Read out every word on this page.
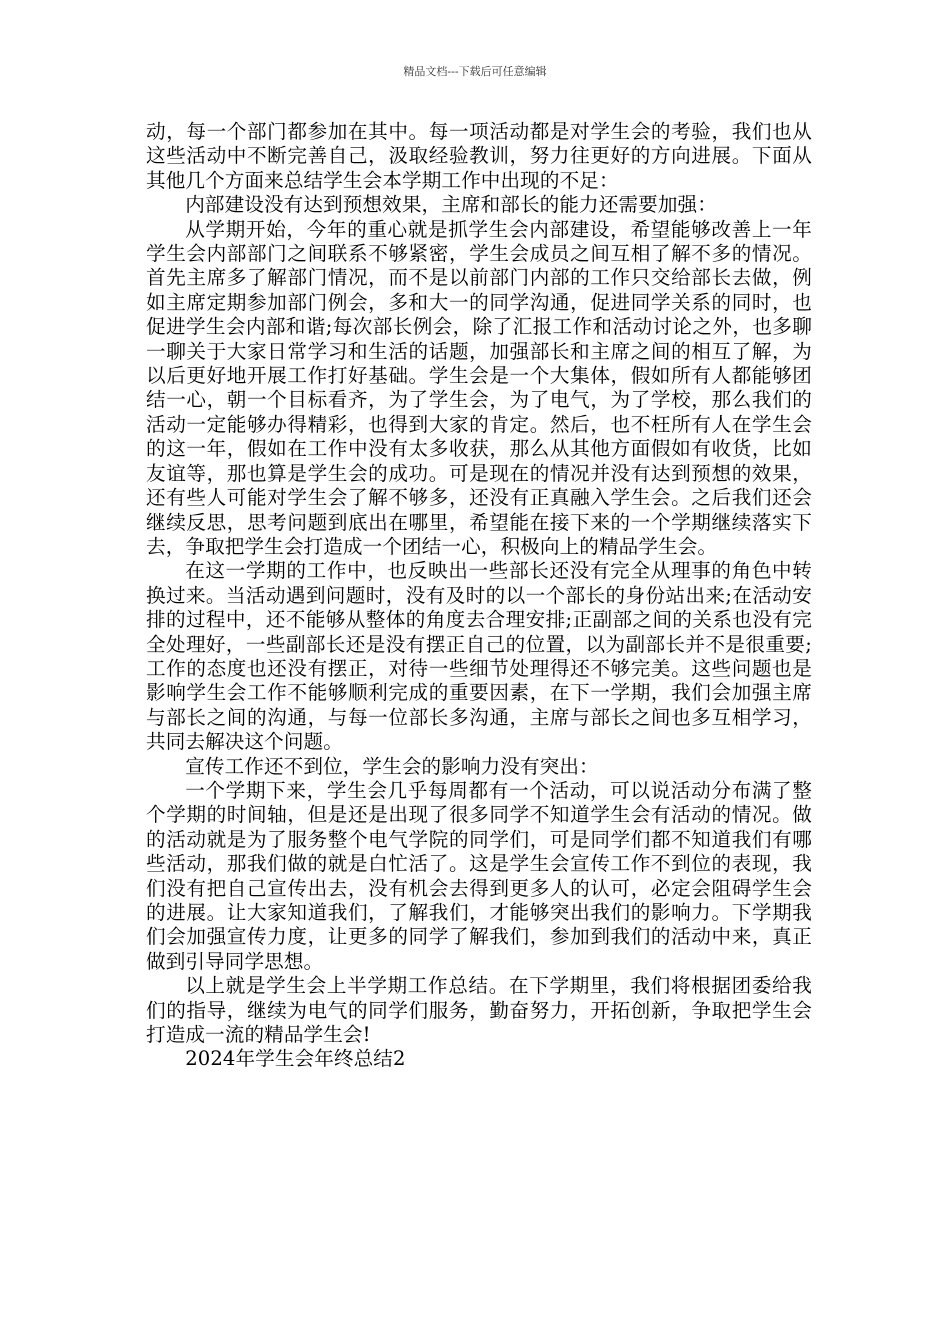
精品文档---下载后可任意编辑

动，每一个部门都参加在其中。每一项活动都是对学生会的考验，我们也从这些活动中不断完善自己，汲取经验教训，努力往更好的方向进展。下面从其他几个方面来总结学生会本学期工作中出现的不足：

内部建设没有达到预想效果，主席和部长的能力还需要加强：

从学期开始，今年的重心就是抓学生会内部建设，希望能够改善上一年学生会内部部门之间联系不够紧密，学生会成员之间互相了解不多的情况。首先主席多了解部门情况，而不是以前部门内部的工作只交给部长去做，例如主席定期参加部门例会，多和大一的同学沟通，促进同学关系的同时，也促进学生会内部和谐;每次部长例会，除了汇报工作和活动讨论之外，也多聊一聊关于大家日常学习和生活的话题，加强部长和主席之间的相互了解，为以后更好地开展工作打好基础。学生会是一个大集体，假如所有人都能够团结一心，朝一个目标看齐，为了学生会，为了电气，为了学校，那么我们的活动一定能够办得精彩，也得到大家的肯定。然后，也不枉所有人在学生会的这一年，假如在工作中没有太多收获，那么从其他方面假如有收货，比如友谊等，那也算是学生会的成功。可是现在的情况并没有达到预想的效果，还有些人可能对学生会了解不够多，还没有正真融入学生会。之后我们还会继续反思，思考问题到底出在哪里，希望能在接下来的一个学期继续落实下去，争取把学生会打造成一个团结一心，积极向上的精品学生会。

在这一学期的工作中，也反映出一些部长还没有完全从理事的角色中转换过来。当活动遇到问题时，没有及时的以一个部长的身份站出来;在活动安排的过程中，还不能够从整体的角度去合理安排;正副部之间的关系也没有完全处理好，一些副部长还是没有摆正自己的位置，以为副部长并不是很重要;工作的态度也还没有摆正，对待一些细节处理得还不够完美。这些问题也是影响学生会工作不能够顺利完成的重要因素，在下一学期，我们会加强主席与部长之间的沟通，与每一位部长多沟通，主席与部长之间也多互相学习，共同去解决这个问题。

宣传工作还不到位，学生会的影响力没有突出：

一个学期下来，学生会几乎每周都有一个活动，可以说活动分布满了整个学期的时间轴，但是还是出现了很多同学不知道学生会有活动的情况。做的活动就是为了服务整个电气学院的同学们，可是同学们都不知道我们有哪些活动，那我们做的就是白忙活了。这是学生会宣传工作不到位的表现，我们没有把自己宣传出去，没有机会去得到更多人的认可，必定会阻碍学生会的进展。让大家知道我们，了解我们，才能够突出我们的影响力。下学期我们会加强宣传力度，让更多的同学了解我们，参加到我们的活动中来，真正做到引导同学思想。

以上就是学生会上半学期工作总结。在下学期里，我们将根据团委给我们的指导，继续为电气的同学们服务，勤奋努力，开拓创新，争取把学生会打造成一流的精品学生会!

2024年学生会年终总结2
